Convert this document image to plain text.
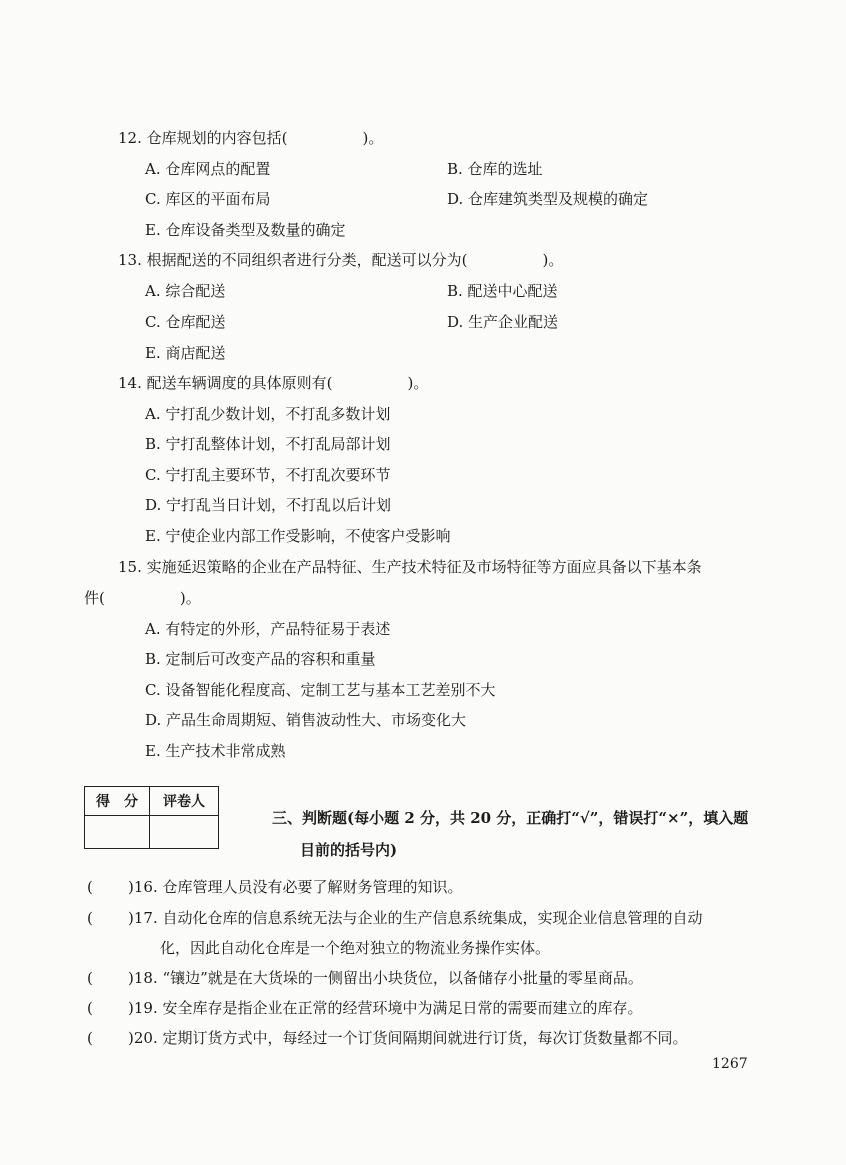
12. 仓库规划的内容包括(　　　　　)。
A. 仓库网点的配置	B. 仓库的选址
C. 库区的平面布局	D. 仓库建筑类型及规模的确定
E. 仓库设备类型及数量的确定
13. 根据配送的不同组织者进行分类，配送可以分为(　　　　　)。
A. 综合配送	B. 配送中心配送
C. 仓库配送	D. 生产企业配送
E. 商店配送
14. 配送车辆调度的具体原则有(　　　　　)。
A. 宁打乱少数计划，不打乱多数计划
B. 宁打乱整体计划，不打乱局部计划
C. 宁打乱主要环节，不打乱次要环节
D. 宁打乱当日计划，不打乱以后计划
E. 宁使企业内部工作受影响，不使客户受影响
15. 实施延迟策略的企业在产品特征、生产技术特征及市场特征等方面应具备以下基本条
件(　　　　　)。
A. 有特定的外形，产品特征易于表述
B. 定制后可改变产品的容积和重量
C. 设备智能化程度高、定制工艺与基本工艺差别不大
D. 产品生命周期短、销售波动性大、市场变化大
E. 生产技术非常成熟
得　分	评卷人

三、判断题(每小题 2 分，共 20 分，正确打“√”，错误打“×”，填入题
目前的括号内)
( )16. 仓库管理人员没有必要了解财务管理的知识。
( )17. 自动化仓库的信息系统无法与企业的生产信息系统集成，实现企业信息管理的自动
化，因此自动化仓库是一个绝对独立的物流业务操作实体。
( )18. “镶边”就是在大货垛的一侧留出小块货位，以备储存小批量的零星商品。
( )19. 安全库存是指企业在正常的经营环境中为满足日常的需要而建立的库存。
( )20. 定期订货方式中，每经过一个订货间隔期间就进行订货，每次订货数量都不同。
1267
